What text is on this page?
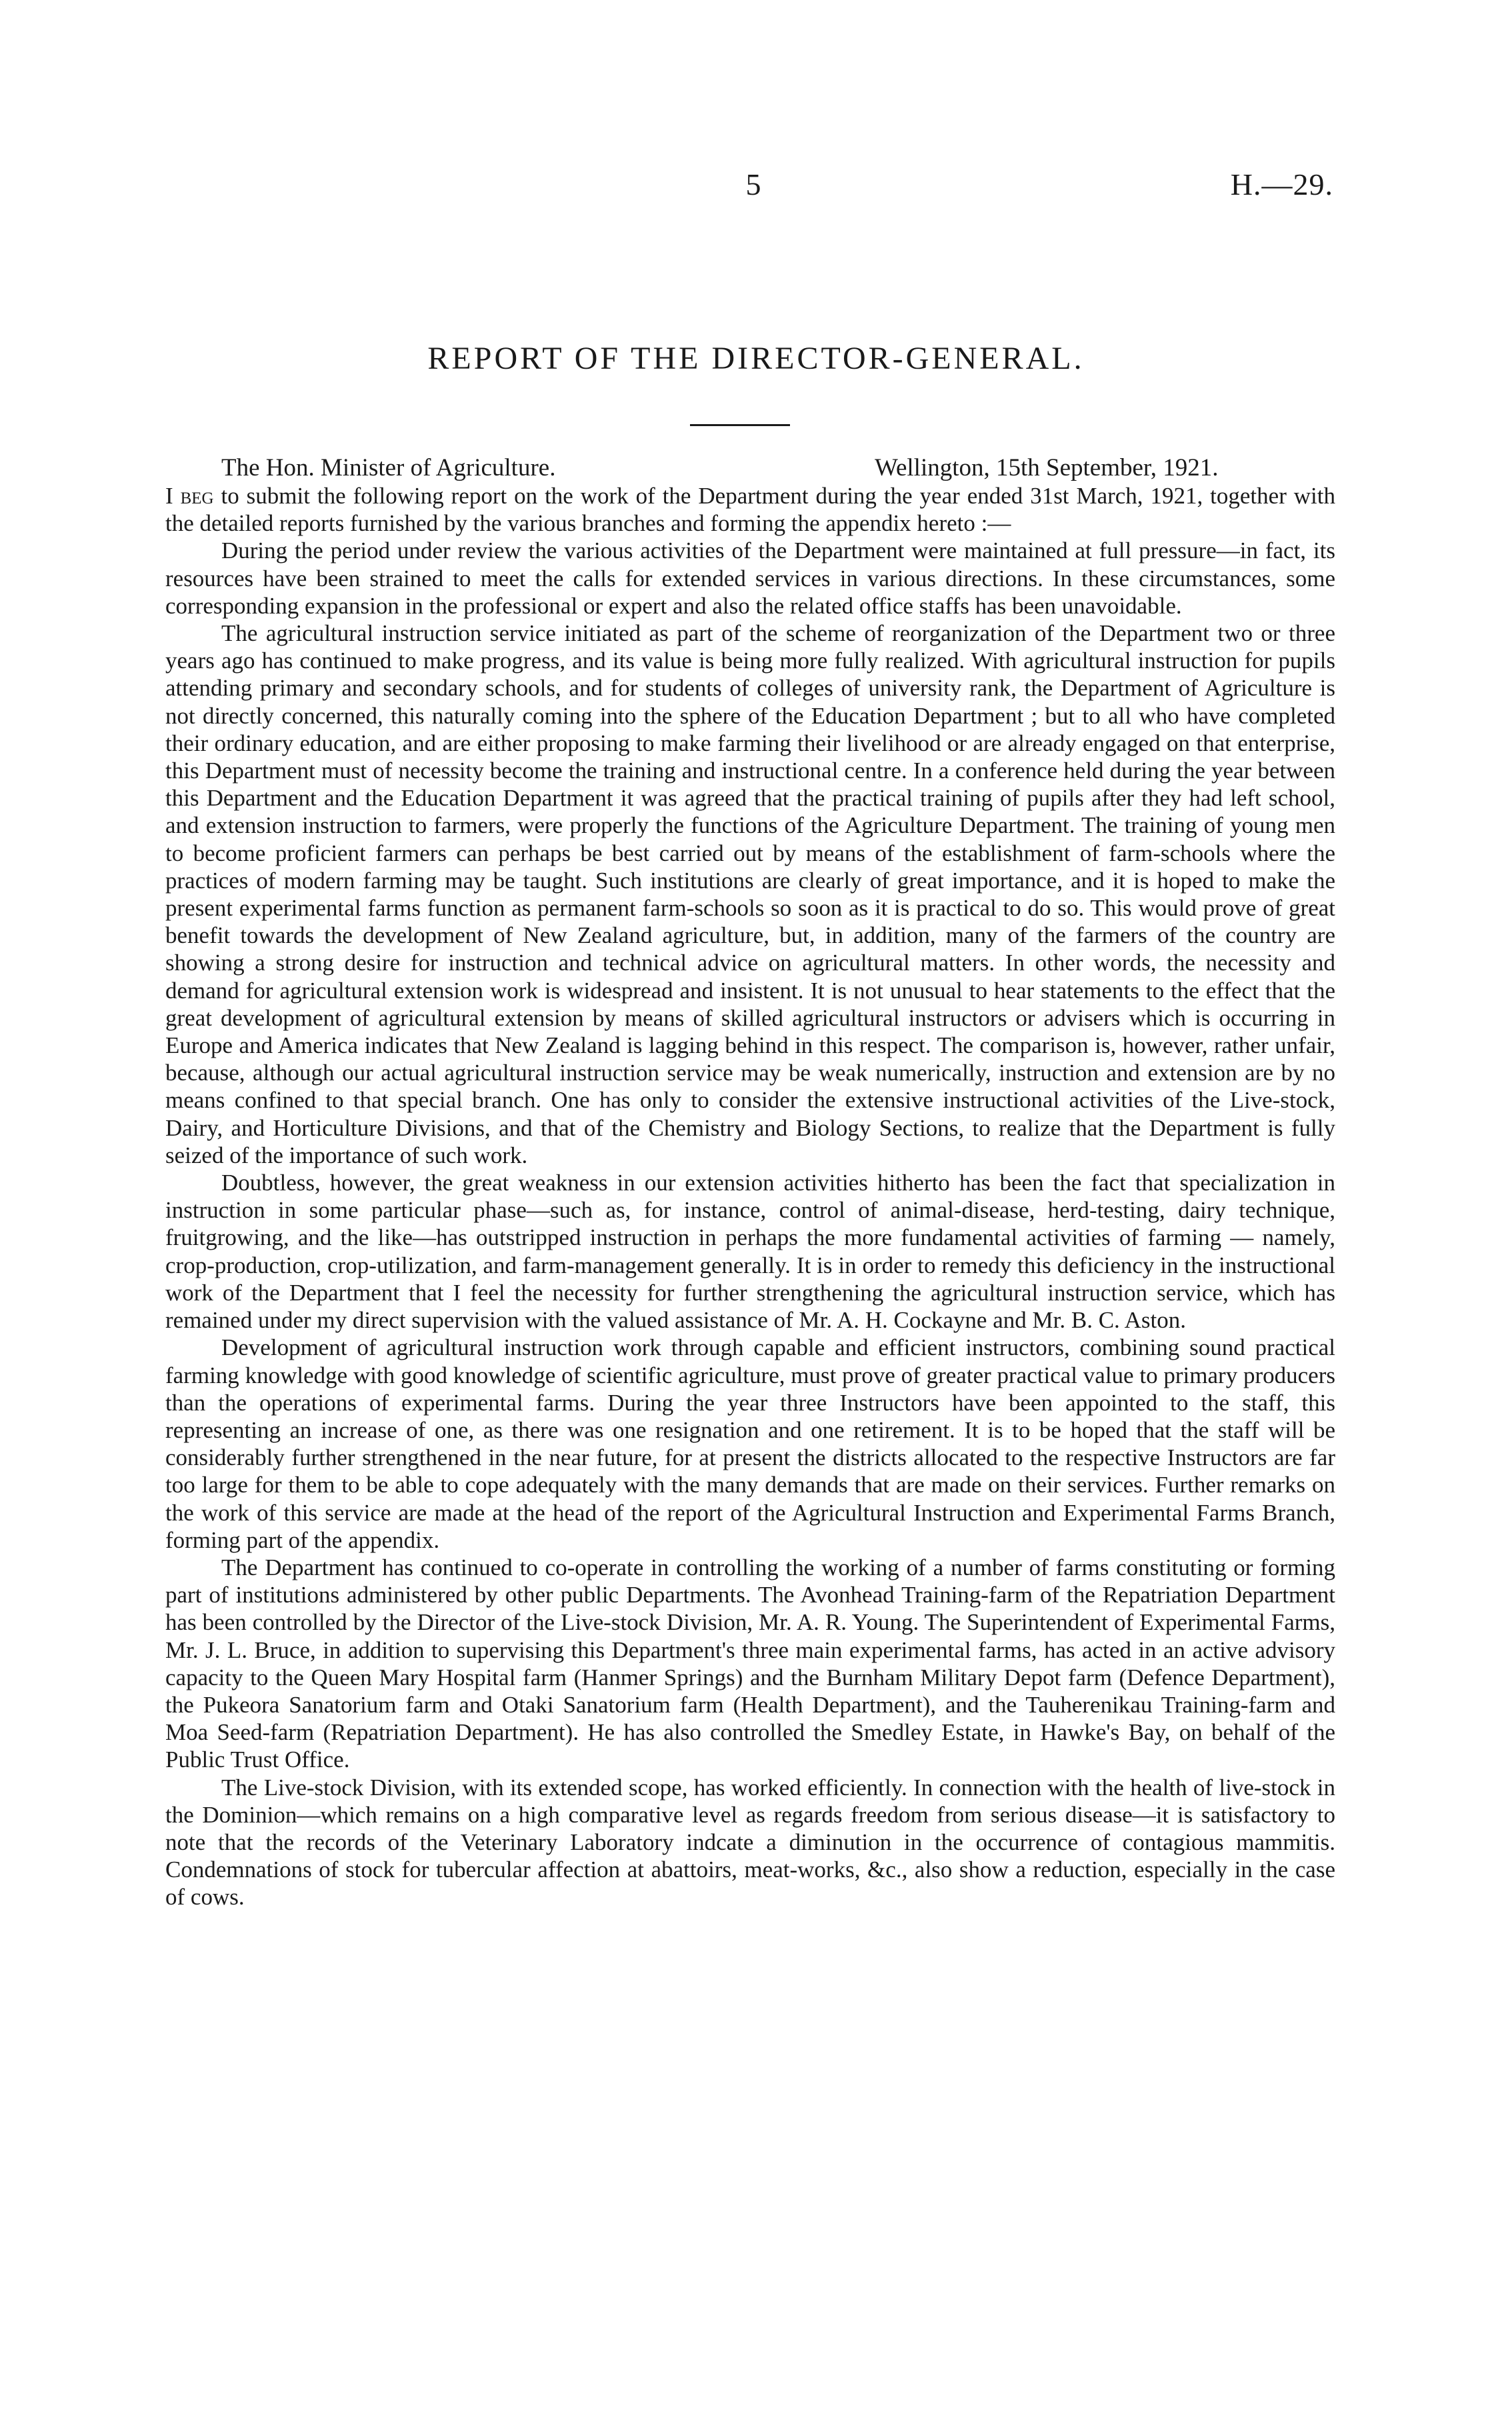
5	H.—29.
REPORT OF THE DIRECTOR-GENERAL.
The Hon. Minister of Agriculture.	Wellington, 15th September, 1921.

I beg to submit the following report on the work of the Department during the year ended 31st March, 1921, together with the detailed reports furnished by the various branches and forming the appendix hereto :—

During the period under review the various activities of the Department were maintained at full pressure—in fact, its resources have been strained to meet the calls for extended services in various directions. In these circumstances, some corresponding expansion in the professional or expert and also the related office staffs has been unavoidable.

The agricultural instruction service initiated as part of the scheme of reorganization of the Department two or three years ago has continued to make progress, and its value is being more fully realized. With agricultural instruction for pupils attending primary and secondary schools, and for students of colleges of university rank, the Department of Agriculture is not directly concerned, this naturally coming into the sphere of the Education Department ; but to all who have completed their ordinary education, and are either proposing to make farming their livelihood or are already engaged on that enterprise, this Department must of necessity become the training and instructional centre. In a conference held during the year between this Department and the Education Department it was agreed that the practical training of pupils after they had left school, and extension instruction to farmers, were properly the functions of the Agriculture Department. The training of young men to become proficient farmers can perhaps be best carried out by means of the establishment of farm-schools where the practices of modern farming may be taught. Such institutions are clearly of great importance, and it is hoped to make the present experimental farms function as permanent farm-schools so soon as it is practical to do so. This would prove of great benefit towards the development of New Zealand agriculture, but, in addition, many of the farmers of the country are showing a strong desire for instruction and technical advice on agricultural matters. In other words, the necessity and demand for agricultural extension work is widespread and insistent. It is not unusual to hear statements to the effect that the great development of agricultural extension by means of skilled agricultural instructors or advisers which is occurring in Europe and America indicates that New Zealand is lagging behind in this respect. The comparison is, however, rather unfair, because, although our actual agricultural instruction service may be weak numerically, instruction and extension are by no means confined to that special branch. One has only to consider the extensive instructional activities of the Live-stock, Dairy, and Horticulture Divisions, and that of the Chemistry and Biology Sections, to realize that the Department is fully seized of the importance of such work.

Doubtless, however, the great weakness in our extension activities hitherto has been the fact that specialization in instruction in some particular phase—such as, for instance, control of animal-disease, herd-testing, dairy technique, fruitgrowing, and the like—has outstripped instruction in perhaps the more fundamental activities of farming — namely, crop-production, crop-utilization, and farm-management generally. It is in order to remedy this deficiency in the instructional work of the Department that I feel the necessity for further strengthening the agricultural instruction service, which has remained under my direct supervision with the valued assistance of Mr. A. H. Cockayne and Mr. B. C. Aston.

Development of agricultural instruction work through capable and efficient instructors, combining sound practical farming knowledge with good knowledge of scientific agriculture, must prove of greater practical value to primary producers than the operations of experimental farms. During the year three Instructors have been appointed to the staff, this representing an increase of one, as there was one resignation and one retirement. It is to be hoped that the staff will be considerably further strengthened in the near future, for at present the districts allocated to the respective Instructors are far too large for them to be able to cope adequately with the many demands that are made on their services. Further remarks on the work of this service are made at the head of the report of the Agricultural Instruction and Experimental Farms Branch, forming part of the appendix.

The Department has continued to co-operate in controlling the working of a number of farms constituting or forming part of institutions administered by other public Departments. The Avonhead Training-farm of the Repatriation Department has been controlled by the Director of the Live-stock Division, Mr. A. R. Young. The Superintendent of Experimental Farms, Mr. J. L. Bruce, in addition to supervising this Department's three main experimental farms, has acted in an active advisory capacity to the Queen Mary Hospital farm (Hanmer Springs) and the Burnham Military Depot farm (Defence Department), the Pukeora Sanatorium farm and Otaki Sanatorium farm (Health Department), and the Tauherenikau Training-farm and Moa Seed-farm (Repatriation Department). He has also controlled the Smedley Estate, in Hawke's Bay, on behalf of the Public Trust Office.

The Live-stock Division, with its extended scope, has worked efficiently. In connection with the health of live-stock in the Dominion—which remains on a high comparative level as regards freedom from serious disease—it is satisfactory to note that the records of the Veterinary Laboratory indcate a diminution in the occurrence of contagious mammitis. Condemnations of stock for tubercular affection at abattoirs, meat-works, &c., also show a reduction, especially in the case of cows.
